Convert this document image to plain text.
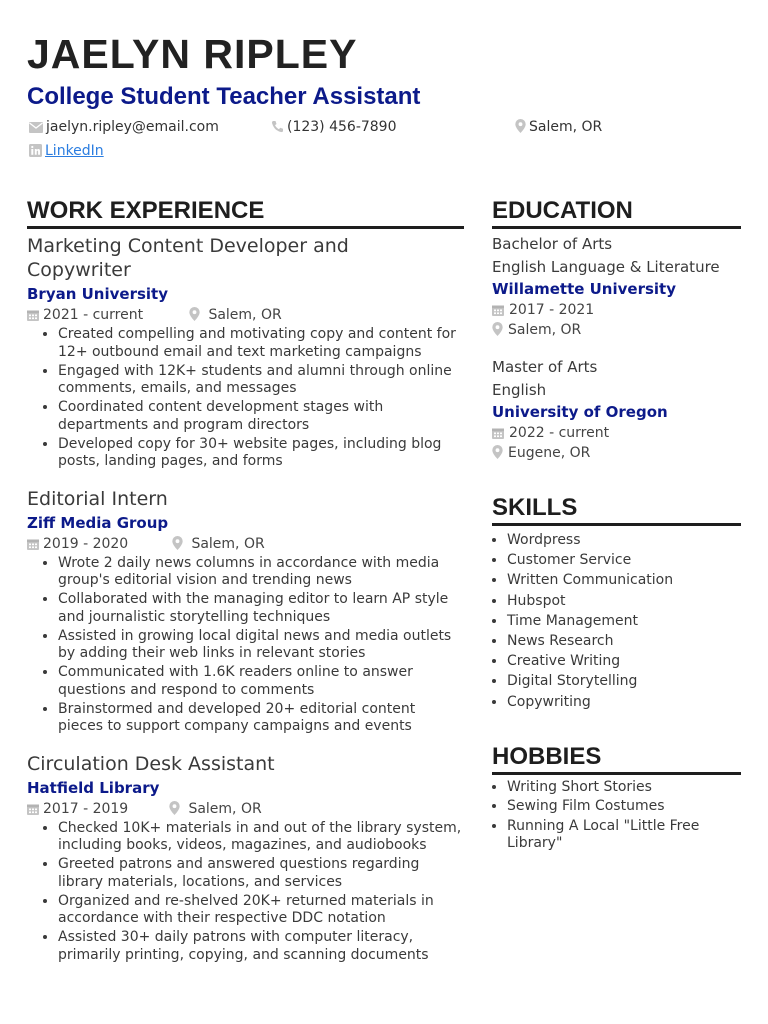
JAELYN RIPLEY
College Student Teacher Assistant
jaelyn.ripley@email.com	(123) 456-7890	Salem, OR
LinkedIn
WORK EXPERIENCE
Marketing Content Developer and
Copywriter
Bryan University
2021 - current	Salem, OR
• Created compelling and motivating copy and content for 12+ outbound email and text marketing campaigns
• Engaged with 12K+ students and alumni through online comments, emails, and messages
• Coordinated content development stages with departments and program directors
• Developed copy for 30+ website pages, including blog posts, landing pages, and forms
Editorial Intern
Ziff Media Group
2019 - 2020	Salem, OR
• Wrote 2 daily news columns in accordance with media group's editorial vision and trending news
• Collaborated with the managing editor to learn AP style and journalistic storytelling techniques
• Assisted in growing local digital news and media outlets by adding their web links in relevant stories
• Communicated with 1.6K readers online to answer questions and respond to comments
• Brainstormed and developed 20+ editorial content pieces to support company campaigns and events
Circulation Desk Assistant
Hatfield Library
2017 - 2019	Salem, OR
• Checked 10K+ materials in and out of the library system, including books, videos, magazines, and audiobooks
• Greeted patrons and answered questions regarding library materials, locations, and services
• Organized and re-shelved 20K+ returned materials in accordance with their respective DDC notation
• Assisted 30+ daily patrons with computer literacy, primarily printing, copying, and scanning documents
EDUCATION
Bachelor of Arts
English Language & Literature
Willamette University
2017 - 2021
Salem, OR
Master of Arts
English
University of Oregon
2022 - current
Eugene, OR
SKILLS
• Wordpress
• Customer Service
• Written Communication
• Hubspot
• Time Management
• News Research
• Creative Writing
• Digital Storytelling
• Copywriting
HOBBIES
• Writing Short Stories
• Sewing Film Costumes
• Running A Local "Little Free Library"
